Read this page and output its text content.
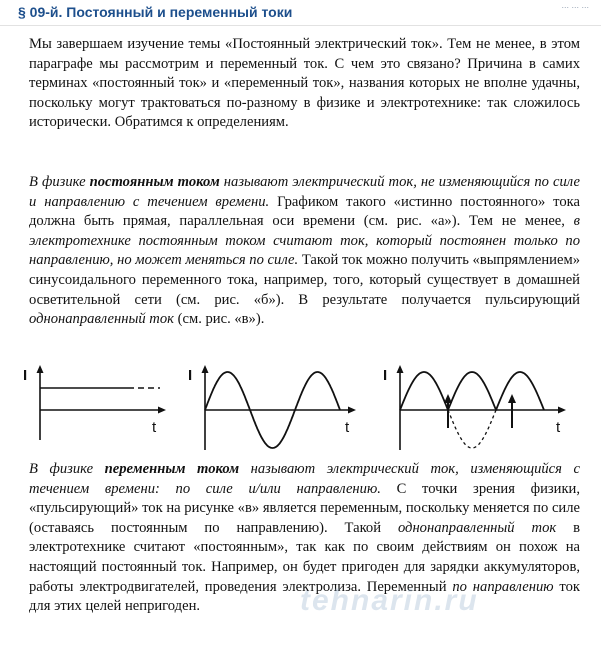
§ 09-й. Постоянный и переменный токи	... ... ...

Мы завершаем изучение темы «Постоянный электрический ток». Тем не менее, в этом параграфе мы рассмотрим и переменный ток. С чем это связано? Причина в самих терминах «постоянный ток» и «переменный ток», названия которых не вполне удачны, поскольку могут трактоваться по-разному в физике и электротехнике: так сложилось исторически. Обратимся к определениям.

В физике постоянным током называют электрический ток, не изменяющийся по силе и направлению с течением времени. Графиком такого «истинно постоянного» тока должна быть прямая, параллельная оси времени (см. рис. «а»). Тем не менее, в электротехнике постоянным током считают ток, который постоянен только по направлению, но может меняться по силе. Такой ток можно получить «выпрямлением» синусоидального переменного тока, например, того, который существует в домашней осветительной сети (см. рис. «б»). В результате получается пульсирующий однонаправленный ток (см. рис. «в»).

I
t
I
t
I
t

В физике переменным током называют электрический ток, изменяющийся с течением времени: по силе и/или направлению. С точки зрения физики, «пульсирующий» ток на рисунке «в» является переменным, поскольку меняется по силе (оставаясь постоянным по направлению). Такой однонаправленный ток в электротехнике считают «постоянным», так как по своим действиям он похож на настоящий постоянный ток. Например, он будет пригоден для зарядки аккумуляторов, работы электродвигателей, проведения электролиза. Переменный по направлению ток для этих целей непригоден.	tehnarin.ru
